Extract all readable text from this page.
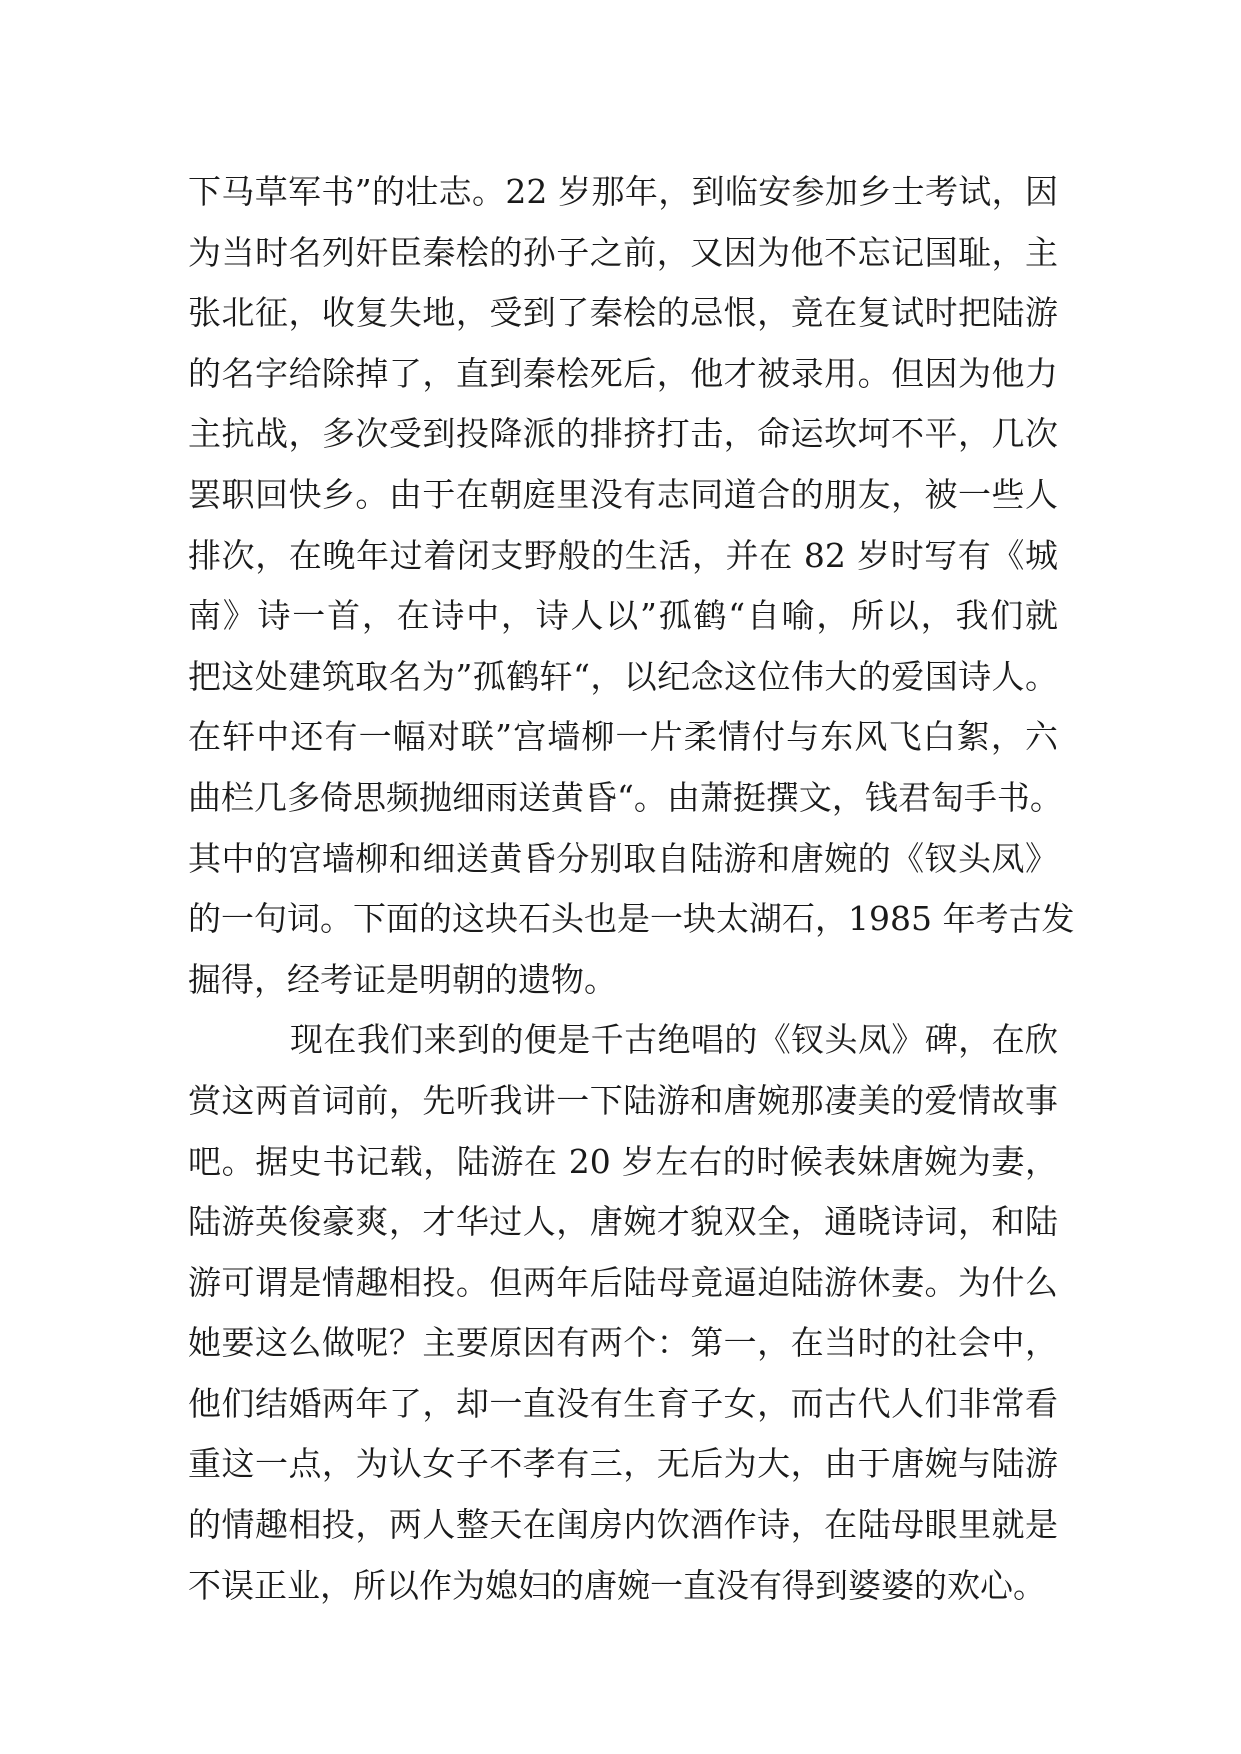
下马草军书”的壮志。22 岁那年，到临安参加乡士考试，因
为当时名列奸臣秦桧的孙子之前，又因为他不忘记国耻，主
张北征，收复失地，受到了秦桧的忌恨，竟在复试时把陆游
的名字给除掉了，直到秦桧死后，他才被录用。但因为他力
主抗战，多次受到投降派的排挤打击，命运坎坷不平，几次
罢职回快乡。由于在朝庭里没有志同道合的朋友，被一些人
排次，在晚年过着闭支野般的生活，并在 82 岁时写有《城
南》诗一首，在诗中，诗人以”孤鹤“自喻，所以，我们就
把这处建筑取名为”孤鹤轩“，以纪念这位伟大的爱国诗人。
在轩中还有一幅对联”宫墙柳一片柔情付与东风飞白絮，六
曲栏几多倚思频抛细雨送黄昏“。由萧挺撰文，钱君匋手书。
其中的宫墙柳和细送黄昏分别取自陆游和唐婉的《钗头凤》
的一句词。下面的这块石头也是一块太湖石，1985 年考古发
掘得，经考证是明朝的遗物。
现在我们来到的便是千古绝唱的《钗头凤》碑，在欣
赏这两首词前，先听我讲一下陆游和唐婉那凄美的爱情故事
吧。据史书记载，陆游在 20 岁左右的时候表妹唐婉为妻，
陆游英俊豪爽，才华过人，唐婉才貌双全，通晓诗词，和陆
游可谓是情趣相投。但两年后陆母竟逼迫陆游休妻。为什么
她要这么做呢？主要原因有两个：第一，在当时的社会中，
他们结婚两年了，却一直没有生育子女，而古代人们非常看
重这一点，为认女子不孝有三，无后为大，由于唐婉与陆游
的情趣相投，两人整天在闺房内饮酒作诗，在陆母眼里就是
不误正业，所以作为媳妇的唐婉一直没有得到婆婆的欢心。
